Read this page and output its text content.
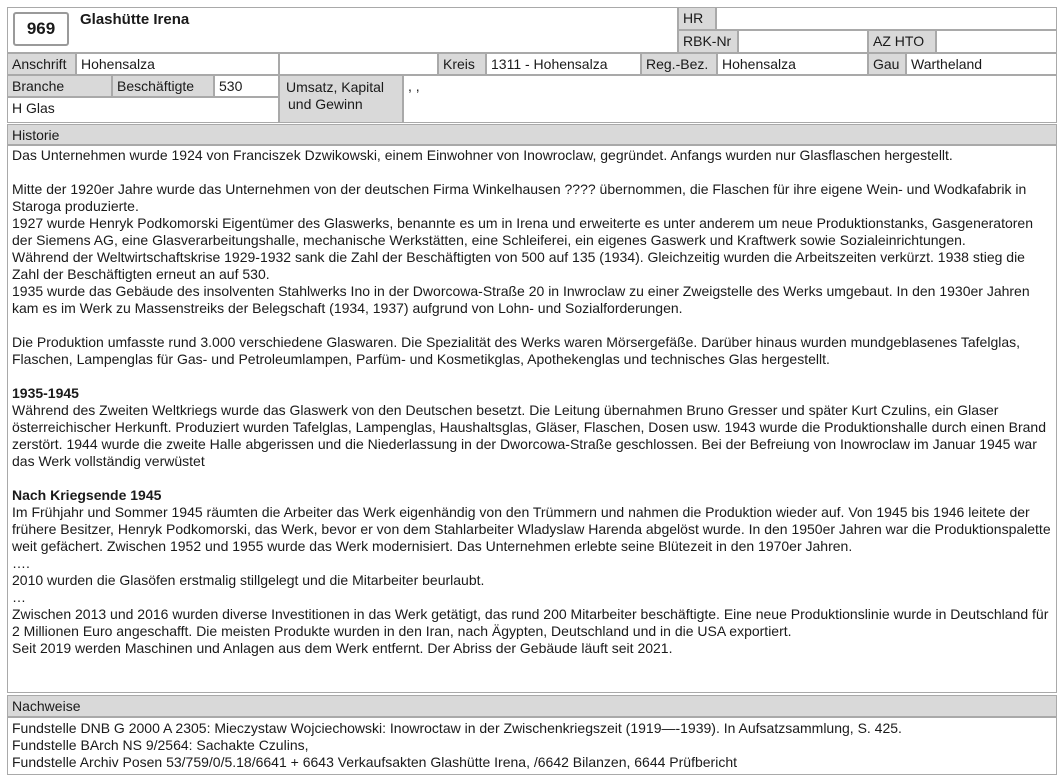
969	Glashütte Irena	HR
RBK-Nr	AZ HTO
Anschrift	Hohensalza	Kreis	1311 - Hohensalza	Reg.-Bez. Hohensalza	Gau Wartheland
Branche	Beschäftigte	530
H Glas
Umsatz, Kapital
und Gewinn
, ,
Historie

Das Unternehmen wurde 1924 von Franciszek Dzwikowski, einem Einwohner von Inowroclaw, gegründet. Anfangs wurden nur Glasflaschen hergestellt.

Mitte der 1920er Jahre wurde das Unternehmen von der deutschen Firma Winkelhausen ???? übernommen, die Flaschen für ihre eigene Wein- und Wodkafabrik in Staroga produzierte.

1927 wurde Henryk Podkomorski Eigentümer des Glaswerks, benannte es um in Irena und erweiterte es unter anderem um neue Produktionstanks, Gasgeneratoren der Siemens AG, eine Glasverarbeitungshalle, mechanische Werkstätten, eine Schleiferei, ein eigenes Gaswerk und Kraftwerk sowie Sozialeinrichtungen.

Während der Weltwirtschaftskrise 1929-1932 sank die Zahl der Beschäftigten von 500 auf 135 (1934). Gleichzeitig wurden die Arbeitszeiten verkürzt. 1938 stieg die Zahl der Beschäftigten erneut an auf 530.

1935 wurde das Gebäude des insolventen Stahlwerks Ino in der Dworcowa-Straße 20 in Inwroclaw zu einer Zweigstelle des Werks umgebaut. In den 1930er Jahren kam es im Werk zu Massenstreiks der Belegschaft (1934, 1937) aufgrund von Lohn- und Sozialforderungen.

Die Produktion umfasste rund 3.000 verschiedene Glaswaren. Die Spezialität des Werks waren Mörsergefäße. Darüber hinaus wurden mundgeblasenes Tafelglas, Flaschen, Lampenglas für Gas- und Petroleumlampen, Parfüm- und Kosmetikglas, Apothekenglas und technisches Glas hergestellt.

1935-1945

Während des Zweiten Weltkriegs wurde das Glaswerk von den Deutschen besetzt. Die Leitung übernahmen Bruno Gresser und später Kurt Czulins, ein Glaser österreichischer Herkunft. Produziert wurden Tafelglas, Lampenglas, Haushaltsglas, Gläser, Flaschen, Dosen usw. 1943 wurde die Produktionshalle durch einen Brand zerstört. 1944 wurde die zweite Halle abgerissen und die Niederlassung in der Dworcowa-Straße geschlossen. Bei der Befreiung von Inowroclaw im Januar 1945 war das Werk vollständig verwüstet

Nach Kriegsende 1945

Im Frühjahr und Sommer 1945 räumten die Arbeiter das Werk eigenhändig von den Trümmern und nahmen die Produktion wieder auf. Von 1945 bis 1946 leitete der frühere Besitzer, Henryk Podkomorski, das Werk, bevor er von dem Stahlarbeiter Wladyslaw Harenda abgelöst wurde. In den 1950er Jahren war die Produktionspalette weit gefächert. Zwischen 1952 und 1955 wurde das Werk modernisiert. Das Unternehmen erlebte seine Blütezeit in den 1970er Jahren.

….

2010 wurden die Glasöfen erstmalig stillgelegt und die Mitarbeiter beurlaubt.

…

Zwischen 2013 und 2016 wurden diverse Investitionen in das Werk getätigt, das rund 200 Mitarbeiter beschäftigte. Eine neue Produktionslinie wurde in Deutschland für 2 Millionen Euro angeschafft. Die meisten Produkte wurden in den Iran, nach Ägypten, Deutschland und in die USA exportiert.

Seit 2019 werden Maschinen und Anlagen aus dem Werk entfernt. Der Abriss der Gebäude läuft seit 2021.

Nachweise

Fundstelle DNB G 2000 A 2305: Mieczystaw Wojciechowski: Inowroctaw in der Zwischenkriegszeit (1919—-1939). In Aufsatzsammlung, S. 425.

Fundstelle BArch NS 9/2564: Sachakte Czulins,

Fundstelle Archiv Posen 53/759/0/5.18/6641 + 6643 Verkaufsakten Glashütte Irena, /6642 Bilanzen, 6644 Prüfbericht
